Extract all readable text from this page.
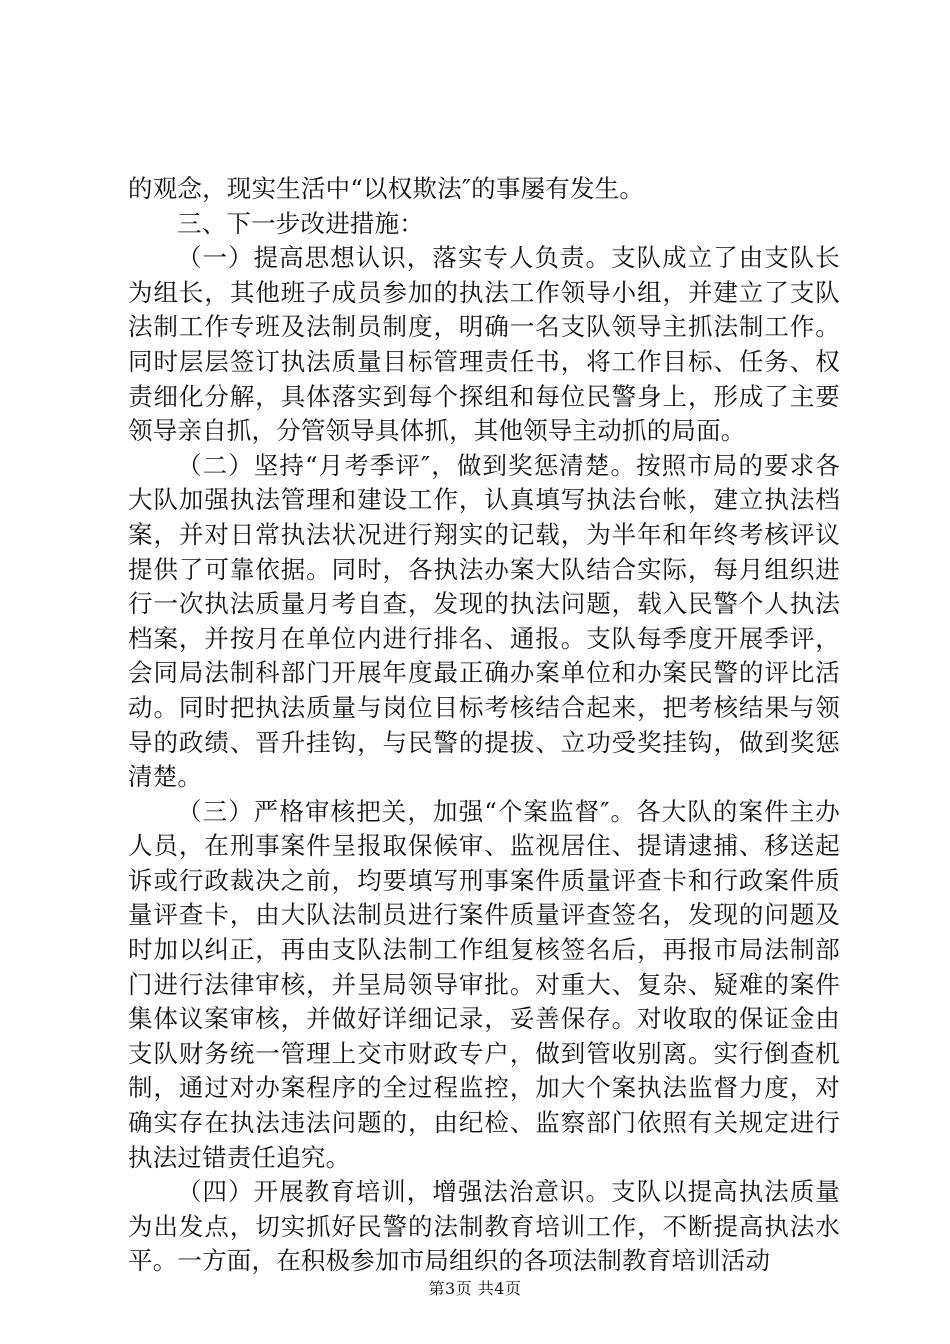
的观念，现实生活中“以权欺法″的事屡有发生。

三、下一步改进措施：

（一）提高思想认识，落实专人负责。支队成立了由支队长为组长，其他班子成员参加的执法工作领导小组，并建立了支队法制工作专班及法制员制度，明确一名支队领导主抓法制工作。同时层层签订执法质量目标管理责任书，将工作目标、任务、权责细化分解，具体落实到每个探组和每位民警身上，形成了主要领导亲自抓，分管领导具体抓，其他领导主动抓的局面。

（二）坚持“月考季评″，做到奖惩清楚。按照市局的要求各大队加强执法管理和建设工作，认真填写执法台帐，建立执法档案，并对日常执法状况进行翔实的记载，为半年和年终考核评议提供了可靠依据。同时，各执法办案大队结合实际，每月组织进行一次执法质量月考自查，发现的执法问题，载入民警个人执法档案，并按月在单位内进行排名、通报。支队每季度开展季评，会同局法制科部门开展年度最正确办案单位和办案民警的评比活动。同时把执法质量与岗位目标考核结合起来，把考核结果与领导的政绩、晋升挂钩，与民警的提拔、立功受奖挂钩，做到奖惩清楚。

（三）严格审核把关，加强“个案监督″。各大队的案件主办人员，在刑事案件呈报取保候审、监视居住、提请逮捕、移送起诉或行政裁决之前，均要填写刑事案件质量评查卡和行政案件质量评查卡，由大队法制员进行案件质量评查签名，发现的问题及时加以纠正，再由支队法制工作组复核签名后，再报市局法制部门进行法律审核，并呈局领导审批。对重大、复杂、疑难的案件集体议案审核，并做好详细记录，妥善保存。对收取的保证金由支队财务统一管理上交市财政专户，做到管收别离。实行倒查机制，通过对办案程序的全过程监控，加大个案执法监督力度，对确实存在执法违法问题的，由纪检、监察部门依照有关规定进行执法过错责任追究。

（四）开展教育培训，增强法治意识。支队以提高执法质量为出发点，切实抓好民警的法制教育培训工作，不断提高执法水平。一方面，在积极参加市局组织的各项法制教育培训活动

第3页 共4页
